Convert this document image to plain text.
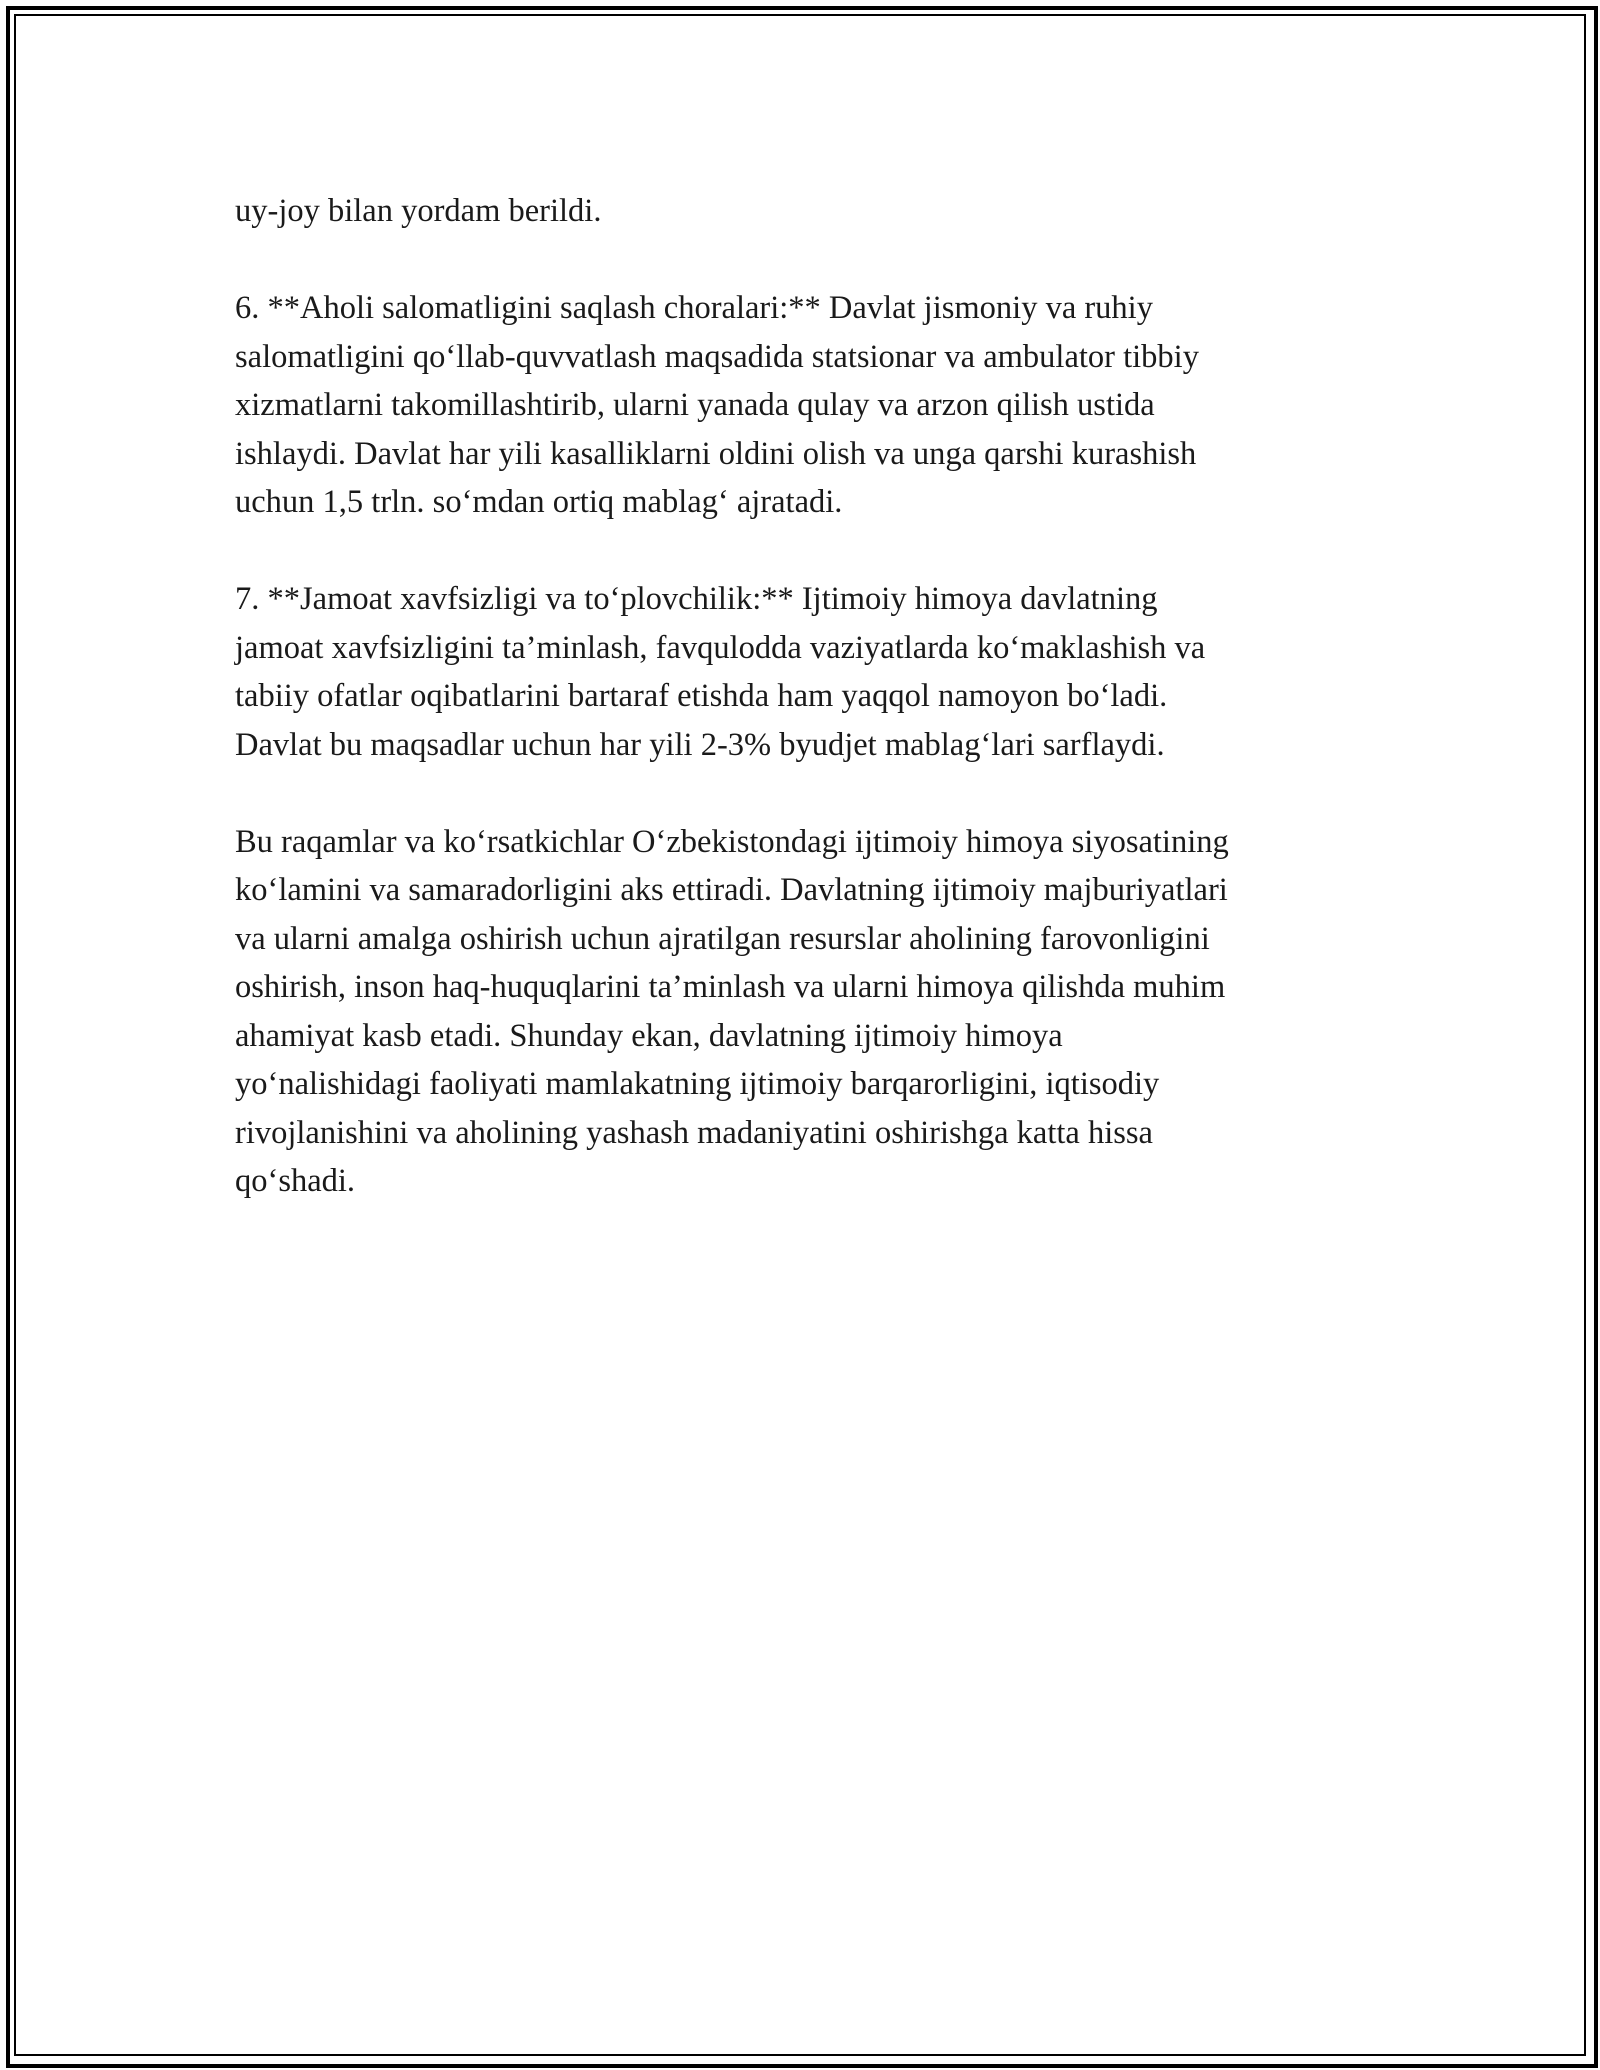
uy-joy bilan yordam berildi.

6. **Aholi salomatligini saqlash choralari:** Davlat jismoniy va ruhiy
salomatligini qo‘llab-quvvatlash maqsadida statsionar va ambulator tibbiy
xizmatlarni takomillashtirib, ularni yanada qulay va arzon qilish ustida
ishlaydi. Davlat har yili kasalliklarni oldini olish va unga qarshi kurashish
uchun 1,5 trln. so‘mdan ortiq mablag‘ ajratadi.

7. **Jamoat xavfsizligi va to‘plovchilik:** Ijtimoiy himoya davlatning
jamoat xavfsizligini ta’minlash, favqulodda vaziyatlarda ko‘maklashish va
tabiiy ofatlar oqibatlarini bartaraf etishda ham yaqqol namoyon bo‘ladi.
Davlat bu maqsadlar uchun har yili 2-3% byudjet mablag‘lari sarflaydi.

Bu raqamlar va ko‘rsatkichlar O‘zbekistondagi ijtimoiy himoya siyosatining
ko‘lamini va samaradorligini aks ettiradi. Davlatning ijtimoiy majburiyatlari
va ularni amalga oshirish uchun ajratilgan resurslar aholining farovonligini
oshirish, inson haq-huquqlarini ta’minlash va ularni himoya qilishda muhim
ahamiyat kasb etadi. Shunday ekan, davlatning ijtimoiy himoya
yo‘nalishidagi faoliyati mamlakatning ijtimoiy barqarorligini, iqtisodiy
rivojlanishini va aholining yashash madaniyatini oshirishga katta hissa
qo‘shadi.
